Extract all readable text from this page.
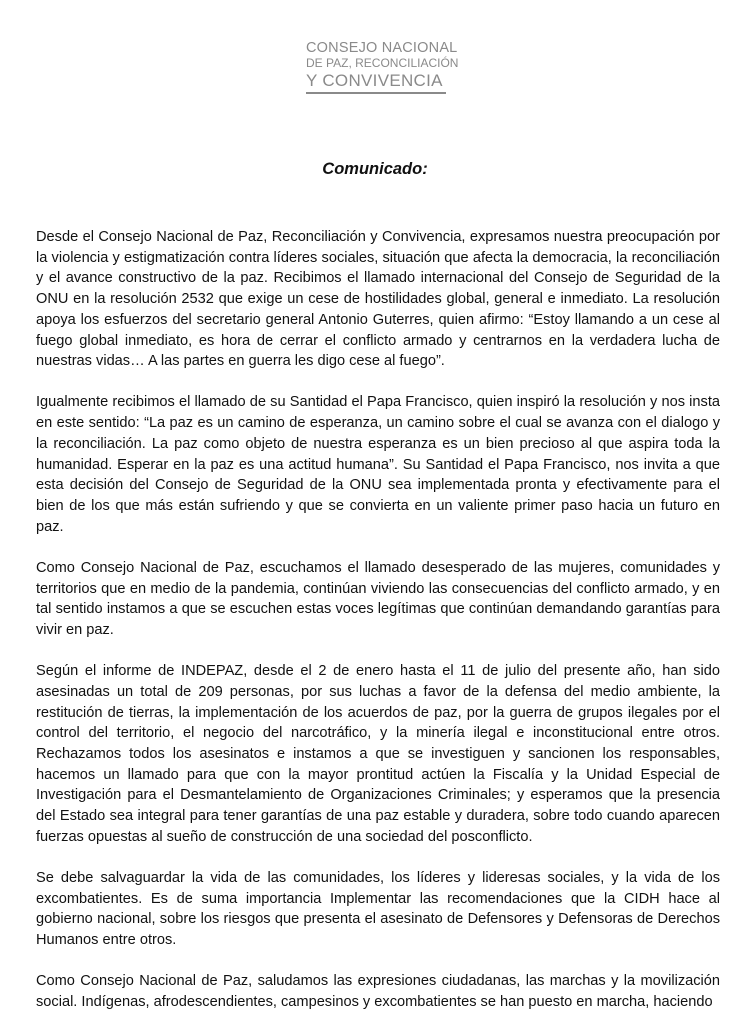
CONSEJO NACIONAL
DE PAZ, RECONCILIACIÓN
Y CONVIVENCIA
Comunicado:

Desde el Consejo Nacional de Paz, Reconciliación y Convivencia, expresamos nuestra preocupación por la violencia y estigmatización contra líderes sociales, situación que afecta la democracia, la reconciliación y el avance constructivo de la paz. Recibimos el llamado internacional del Consejo de Seguridad de la ONU en la resolución 2532 que exige un cese de hostilidades global, general e inmediato. La resolución apoya los esfuerzos del secretario general Antonio Guterres, quien afirmo: “Estoy llamando a un cese al fuego global inmediato, es hora de cerrar el conflicto armado y centrarnos en la verdadera lucha de nuestras vidas… A las partes en guerra les digo cese al fuego”.

Igualmente recibimos el llamado de su Santidad el Papa Francisco, quien inspiró la resolución y nos insta en este sentido: “La paz es un camino de esperanza, un camino sobre el cual se avanza con el dialogo y la reconciliación. La paz como objeto de nuestra esperanza es un bien precioso al que aspira toda la humanidad. Esperar en la paz es una actitud humana”. Su Santidad el Papa Francisco, nos invita a que esta decisión del Consejo de Seguridad de la ONU sea implementada pronta y efectivamente para el bien de los que más están sufriendo y que se convierta en un valiente primer paso hacia un futuro en paz.

Como Consejo Nacional de Paz, escuchamos el llamado desesperado de las mujeres, comunidades y territorios que en medio de la pandemia, continúan viviendo las consecuencias del conflicto armado, y en tal sentido instamos a que se escuchen estas voces legítimas que continúan demandando garantías para vivir en paz.

Según el informe de INDEPAZ, desde el 2 de enero hasta el 11 de julio del presente año, han sido asesinadas un total de 209 personas, por sus luchas a favor de la defensa del medio ambiente, la restitución de tierras, la implementación de los acuerdos de paz, por la guerra de grupos ilegales por el control del territorio, el negocio del narcotráfico, y la minería ilegal e inconstitucional entre otros. Rechazamos todos los asesinatos e instamos a que se investiguen y sancionen los responsables, hacemos un llamado para que con la mayor prontitud actúen la Fiscalía y la Unidad Especial de Investigación para el Desmantelamiento de Organizaciones Criminales; y esperamos que la presencia del Estado sea integral para tener garantías de una paz estable y duradera, sobre todo cuando aparecen fuerzas opuestas al sueño de construcción de una sociedad del posconflicto.

Se debe salvaguardar la vida de las comunidades, los líderes y lideresas sociales, y la vida de los excombatientes. Es de suma importancia Implementar las recomendaciones que la CIDH hace al gobierno nacional, sobre los riesgos que presenta el asesinato de Defensores y Defensoras de Derechos Humanos entre otros.

Como Consejo Nacional de Paz, saludamos las expresiones ciudadanas, las marchas y la movilización social. Indígenas, afrodescendientes, campesinos y excombatientes se han puesto en marcha, haciendo
